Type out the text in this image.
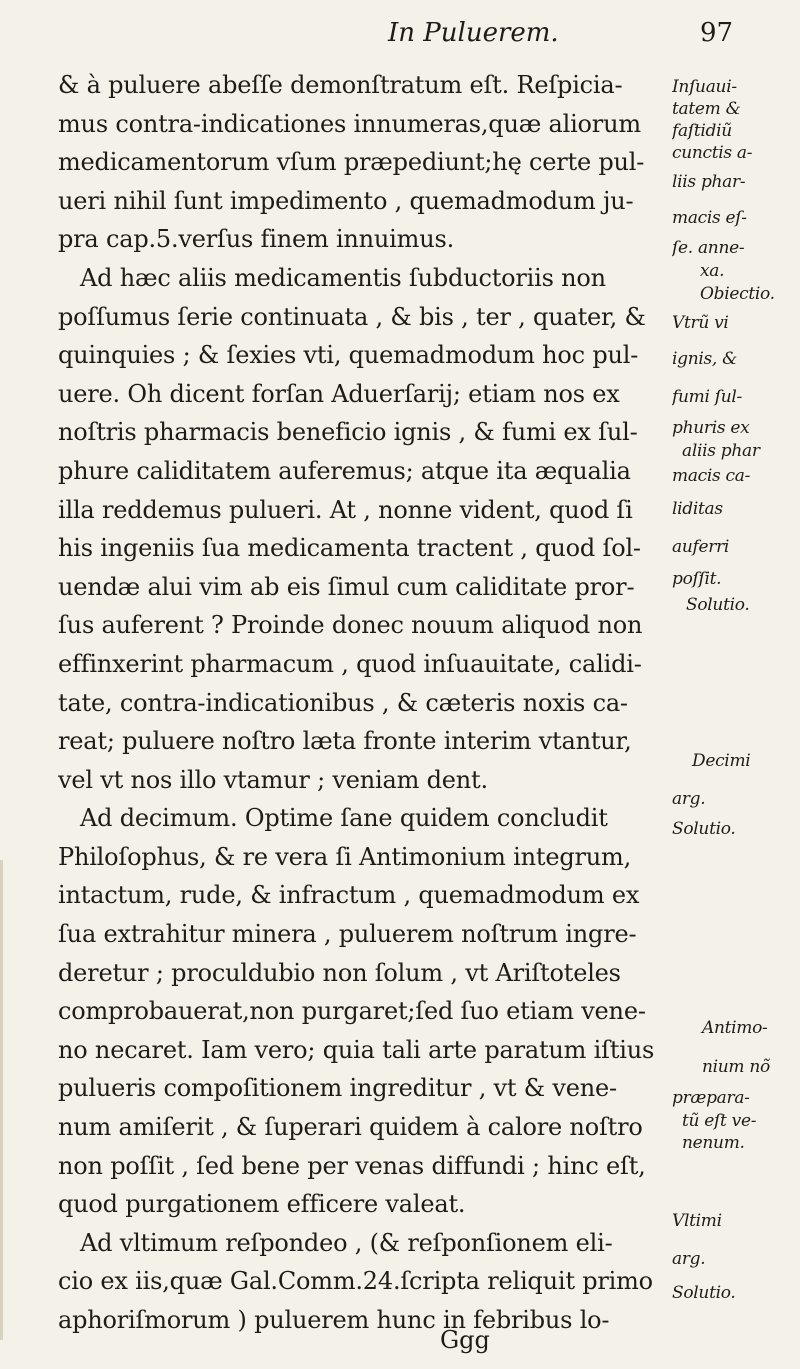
In Puluerem.	97
& à puluere abeſſe demonſtratum eſt. Reſpicia-
mus contra-indicationes innumeras,quæ aliorum
medicamentorum vſum præpediunt;hę certe pul-
ueri nihil ſunt impedimento , quemadmodum ju-
pra cap.5.verſus finem innuimus.
Ad hæc aliis medicamentis ſubductoriis non
poſſumus ſerie continuata , & bis , ter , quater, &
quinquies ; & ſexies vti, quemadmodum hoc pul-
uere. Oh dicent forſan Aduerſarij; etiam nos ex
noſtris pharmacis beneficio ignis , & fumi ex ſul-
phure caliditatem auferemus; atque ita æqualia
illa reddemus pulueri. At , nonne vident, quod ſi
his ingeniis ſua medicamenta tractent , quod ſol-
uendæ alui vim ab eis ſimul cum caliditate pror-
ſus auferent ? Proinde donec nouum aliquod non
effinxerint pharmacum , quod inſuauitate, calidi-
tate, contra-indicationibus , & cæteris noxis ca-
reat; puluere noſtro læta fronte interim vtantur,
vel vt nos illo vtamur ; veniam dent.
Ad decimum. Optime ſane quidem concludit
Philoſophus, & re vera ſi Antimonium integrum,
intactum, rude, & infractum , quemadmodum ex
ſua extrahitur minera , puluerem noſtrum ingre-
deretur ; proculdubio non ſolum , vt Ariſtoteles
comprobauerat,non purgaret;ſed ſuo etiam vene-
no necaret. Iam vero; quia tali arte paratum iſtius
pulueris compoſitionem ingreditur , vt & vene-
num amiſerit , & ſuperari quidem à calore noſtro
non poſſit , ſed bene per venas diffundi ; hinc eſt,
quod purgationem efficere valeat.
Ad vltimum reſpondeo , (& reſponſionem eli-
cio ex iis,quæ Gal.Comm.24.ſcripta reliquit primo
aphoriſmorum ) puluerem hunc in febribus lo-
Inſuaui-
tatem &
faſtidiũ
cunctis a-
liis phar-
macis eſ-
ſe. anne-
xa.
Obiectio.
Vtrũ vi
ignis, &
fumi ſul-
phuris ex
aliis phar
macis ca-
liditas
auferri
poſſit.
Solutio.
Decimi
arg.
Solutio.
Antimo-
nium nõ
præpara-
tũ eſt ve-
nenum.
Vltimi
arg.
Solutio.
Ggg
